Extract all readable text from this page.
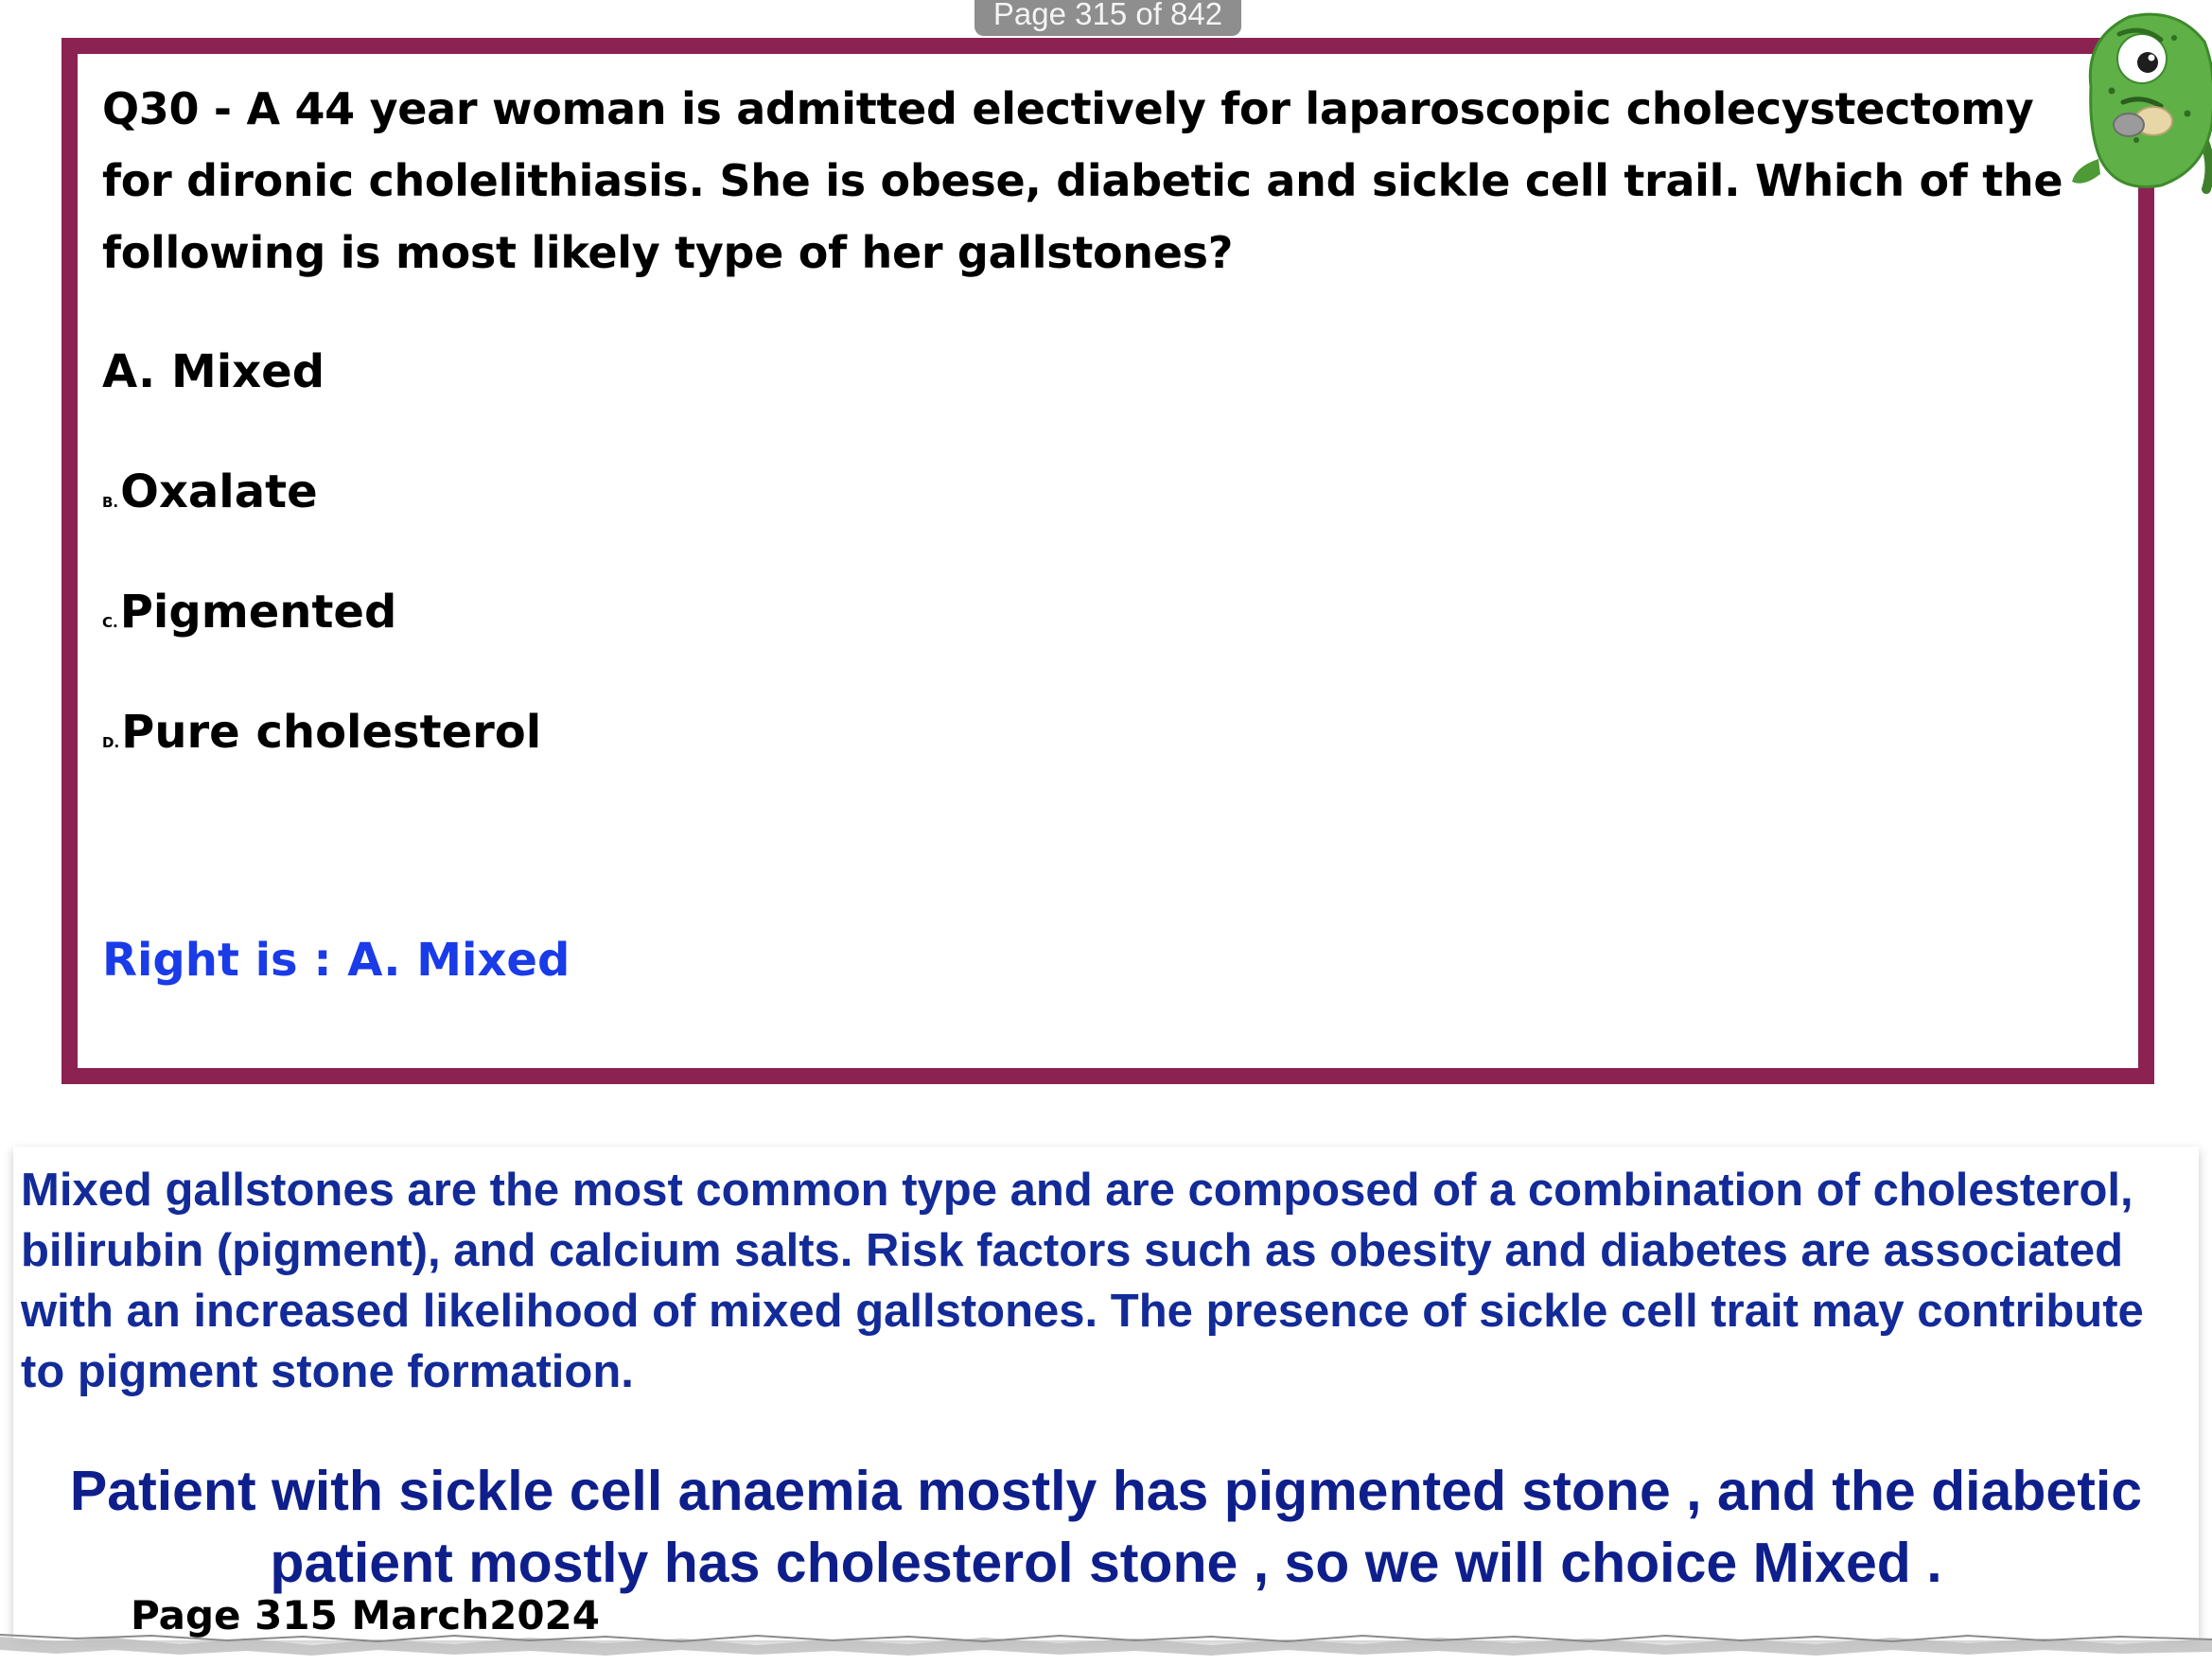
Page 315 of 842

Q30 - A 44 year woman is admitted electively for laparoscopic cholecystectomy for dironic cholelithiasis. She is obese, diabetic and sickle cell trail. Which of the following is most likely type of her gallstones?

A. Mixed

B.Oxalate

C.Pigmented

D.Pure cholesterol

Right is : A. Mixed

Mixed gallstones are the most common type and are composed of a combination of cholesterol, bilirubin (pigment), and calcium salts. Risk factors such as obesity and diabetes are associated with an increased likelihood of mixed gallstones. The presence of sickle cell trait may contribute to pigment stone formation.

Patient with sickle cell anaemia mostly has pigmented stone , and the diabetic patient mostly has cholesterol stone , so we will choice Mixed .

Page 315 March2024
